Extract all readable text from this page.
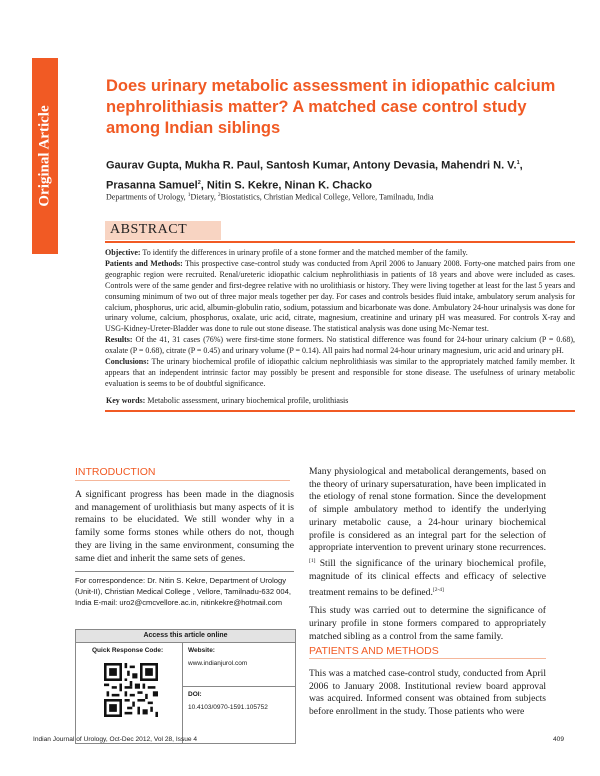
Original Article
Does urinary metabolic assessment in idiopathic calcium nephrolithiasis matter? A matched case control study among Indian siblings
Gaurav Gupta, Mukha R. Paul, Santosh Kumar, Antony Devasia, Mahendri N. V.$^1$,
Prasanna Samuel$^2$, Nitin S. Kekre, Ninan K. Chacko
Departments of Urology, $^1$Dietary, $^2$Biostatistics, Christian Medical College, Vellore, Tamilnadu, India
ABSTRACT

Objective: To identify the differences in urinary profile of a stone former and the matched member of the family.

Patients and Methods: This prospective case-control study was conducted from April 2006 to January 2008. Forty-one matched pairs from one geographic region were recruited. Renal/ureteric idiopathic calcium nephrolithiasis in patients of 18 years and above were included as cases. Controls were of the same gender and first-degree relative with no urolithiasis or history. They were living together at least for the last 5 years and consuming minimum of two out of three major meals together per day. For cases and controls besides fluid intake, ambulatory serum analysis for calcium, phosphorus, uric acid, albumin-globulin ratio, sodium, potassium and bicarbonate was done. Ambulatory 24-hour urinalysis was done for urinary volume, calcium, phosphorus, oxalate, uric acid, citrate, magnesium, creatinine and urinary pH was measured. For controls X-ray and USG-Kidney-Ureter-Bladder was done to rule out stone disease. The statistical analysis was done using Mc-Nemar test.

Results: Of the 41, 31 cases (76%) were first-time stone formers. No statistical difference was found for 24-hour urinary calcium (P = 0.68), oxalate (P = 0.68), citrate (P = 0.45) and urinary volume (P = 0.14). All pairs had normal 24-hour urinary magnesium, uric acid and urinary pH.

Conclusions: The urinary biochemical profile of idiopathic calcium nephrolithiasis was similar to the appropriately matched family member. It appears that an independent intrinsic factor may possibly be present and responsible for stone disease. The usefulness of urinary metabolic evaluation is seems to be of doubtful significance.

Key words: Metabolic assessment, urinary biochemical profile, urolithiasis
INTRODUCTION
A significant progress has been made in the diagnosis and management of urolithiasis but many aspects of it is remains to be elucidated. We still wonder why in a family some forms stones while others do not, though they are living in the same environment, consuming the same diet and inherit the same sets of genes.
For correspondence: Dr. Nitin S. Kekre, Department of Urology (Unit-II), Christian Medical College , Vellore, Tamilnadu-632 004, India E-mail: uro2@cmcvellore.ac.in, nitinkekre@hotmail.com
Access this article online
Quick Response Code:	Website:
www.indianjurol.com
DOI:
10.4103/0970-1591.105752

Many physiological and metabolical derangements, based on the theory of urinary supersaturation, have been implicated in the etiology of renal stone formation. Since the development of simple ambulatory method to identify the underlying urinary metabolic cause, a 24-hour urinary biochemical profile is considered as an integral part for the selection of appropriate intervention to prevent urinary stone recurrences.[1] Still the significance of the urinary biochemical profile, magnitude of its clinical effects and efficacy of selective treatment remains to be defined.[2-4]

This study was carried out to determine the significance of urinary profile in stone formers compared to appropriately matched sibling as a control from the same family.

PATIENTS AND METHODS
This was a matched case-control study, conducted from April 2006 to January 2008. Institutional review board approval was acquired. Informed consent was obtained from subjects before enrollment in the study. Those patients who were
Indian Journal of Urology, Oct-Dec 2012, Vol 28, Issue 4	409
